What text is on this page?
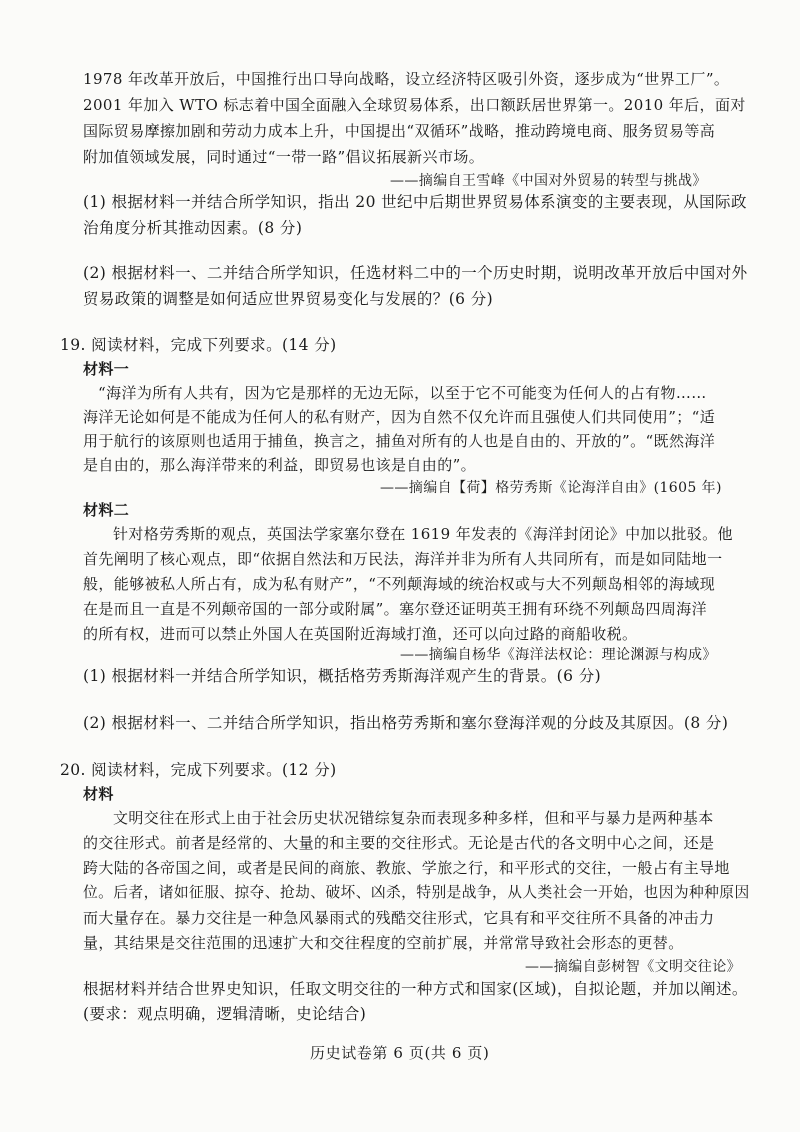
1978 年改革开放后，中国推行出口导向战略，设立经济特区吸引外资，逐步成为“世界工厂”。

2001 年加入 WTO 标志着中国全面融入全球贸易体系，出口额跃居世界第一。2010 年后，面对

国际贸易摩擦加剧和劳动力成本上升，中国提出“双循环”战略，推动跨境电商、服务贸易等高

附加值领域发展，同时通过“一带一路”倡议拓展新兴市场。

——摘编自王雪峰《中国对外贸易的转型与挑战》

(1) 根据材料一并结合所学知识，指出 20 世纪中后期世界贸易体系演变的主要表现，从国际政

治角度分析其推动因素。(8 分)

(2) 根据材料一、二并结合所学知识，任选材料二中的一个历史时期，说明改革开放后中国对外

贸易政策的调整是如何适应世界贸易变化与发展的？(6 分)

19. 阅读材料，完成下列要求。(14 分)

材料一

“海洋为所有人共有，因为它是那样的无边无际，以至于它不可能变为任何人的占有物……

海洋无论如何是不能成为任何人的私有财产，因为自然不仅允许而且强使人们共同使用”；“适

用于航行的该原则也适用于捕鱼，换言之，捕鱼对所有的人也是自由的、开放的”。“既然海洋

是自由的，那么海洋带来的利益，即贸易也该是自由的”。

——摘编自【荷】格劳秀斯《论海洋自由》(1605 年)

材料二

针对格劳秀斯的观点，英国法学家塞尔登在 1619 年发表的《海洋封闭论》中加以批驳。他

首先阐明了核心观点，即“依据自然法和万民法，海洋并非为所有人共同所有，而是如同陆地一

般，能够被私人所占有，成为私有财产”，“不列颠海域的统治权或与大不列颠岛相邻的海域现

在是而且一直是不列颠帝国的一部分或附属”。塞尔登还证明英王拥有环绕不列颠岛四周海洋

的所有权，进而可以禁止外国人在英国附近海域打渔，还可以向过路的商船收税。

——摘编自杨华《海洋法权论：理论渊源与构成》

(1) 根据材料一并结合所学知识，概括格劳秀斯海洋观产生的背景。(6 分)

(2) 根据材料一、二并结合所学知识，指出格劳秀斯和塞尔登海洋观的分歧及其原因。(8 分)

20. 阅读材料，完成下列要求。(12 分)

材料

文明交往在形式上由于社会历史状况错综复杂而表现多种多样，但和平与暴力是两种基本

的交往形式。前者是经常的、大量的和主要的交往形式。无论是古代的各文明中心之间，还是

跨大陆的各帝国之间，或者是民间的商旅、教旅、学旅之行，和平形式的交往，一般占有主导地

位。后者，诸如征服、掠夺、抢劫、破坏、凶杀，特别是战争，从人类社会一开始，也因为种种原因

而大量存在。暴力交往是一种急风暴雨式的残酷交往形式，它具有和平交往所不具备的冲击力

量，其结果是交往范围的迅速扩大和交往程度的空前扩展，并常常导致社会形态的更替。

——摘编自彭树智《文明交往论》

根据材料并结合世界史知识，任取文明交往的一种方式和国家(区域)，自拟论题，并加以阐述。

(要求：观点明确，逻辑清晰，史论结合)

历史试卷第 6 页(共 6 页)
